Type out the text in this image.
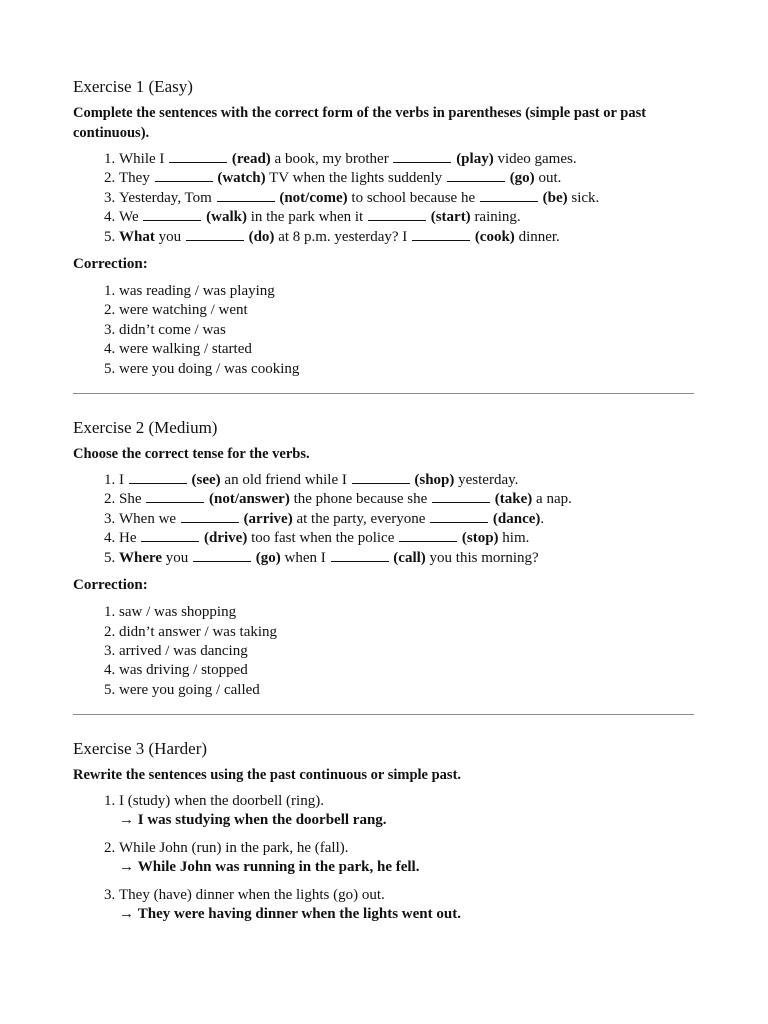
Exercise 1 (Easy)
Complete the sentences with the correct form of the verbs in parentheses (simple past or past continuous).
1. While I	(read) a book, my brother	(play) video games.
2. They	(watch) TV when the lights suddenly	(go) out.
3. Yesterday, Tom	(not/come) to school because he	(be) sick.
4. We	(walk) in the park when it	(start) raining.
5. What you	(do) at 8 p.m. yesterday? I	(cook) dinner.
Correction:
1. was reading / was playing
2. were watching / went
3. didn’t come / was
4. were walking / started
5. were you doing / was cooking
Exercise 2 (Medium)
Choose the correct tense for the verbs.
1. I	(see) an old friend while I	(shop) yesterday.
2. She	(not/answer) the phone because she	(take) a nap.
3. When we	(arrive) at the party, everyone	(dance).
4. He	(drive) too fast when the police	(stop) him.
5. Where you	(go) when I	(call) you this morning?
Correction:
1. saw / was shopping
2. didn’t answer / was taking
3. arrived / was dancing
4. was driving / stopped
5. were you going / called
Exercise 3 (Harder)
Rewrite the sentences using the past continuous or simple past.
1. I (study) when the doorbell (ring).
→ I was studying when the doorbell rang.
2. While John (run) in the park, he (fall).
→ While John was running in the park, he fell.
3. They (have) dinner when the lights (go) out.
→ They were having dinner when the lights went out.
